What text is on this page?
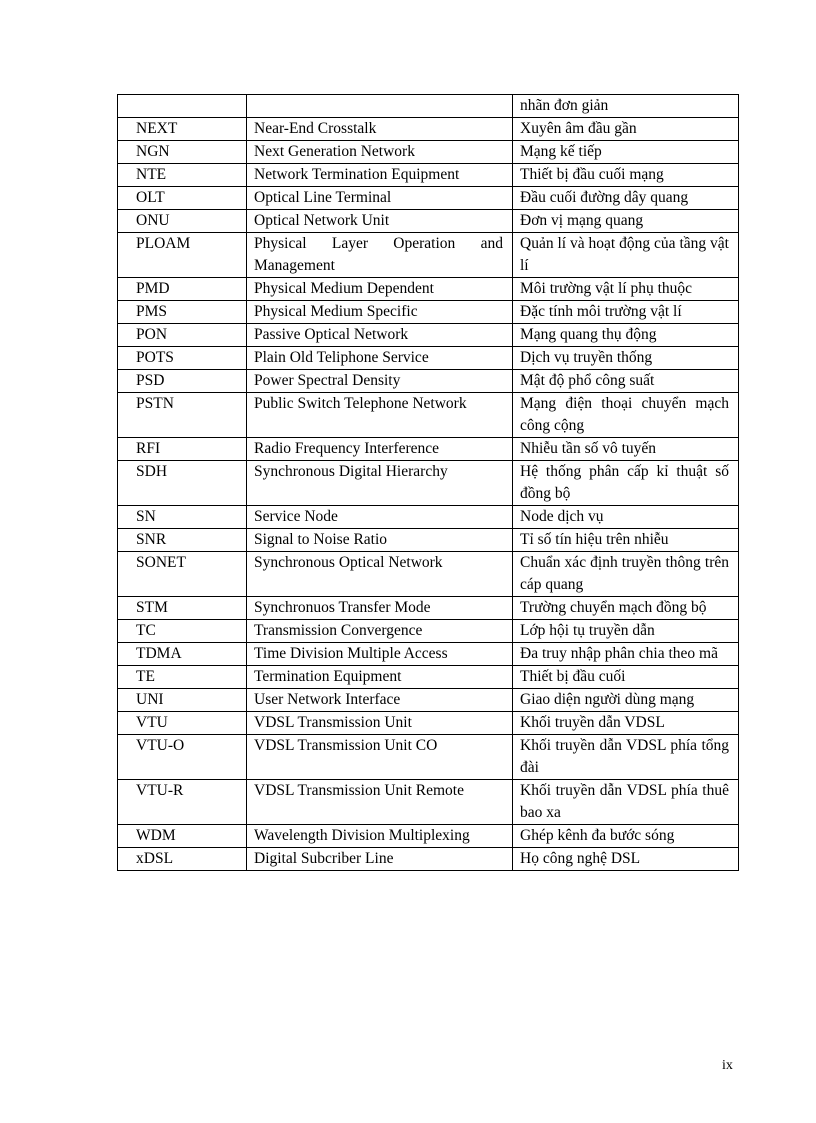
		nhãn đơn giản
NEXT	Near-End Crosstalk	Xuyên âm đầu gần
NGN	Next Generation Network	Mạng kế tiếp
NTE	Network Termination Equipment	Thiết bị đầu cuối mạng
OLT	Optical Line Terminal	Đầu cuối đường dây quang
ONU	Optical Network Unit	Đơn vị mạng quang
PLOAM	Physical Layer Operation and Management	Quản lí và hoạt động của tầng vật lí
PMD	Physical Medium Dependent	Môi trường vật lí phụ thuộc
PMS	Physical Medium Specific	Đặc tính môi trường vật lí
PON	Passive Optical Network	Mạng quang thụ động
POTS	Plain Old Teliphone Service	Dịch vụ truyền thống
PSD	Power Spectral Density	Mật độ phổ công suất
PSTN	Public Switch Telephone Network	Mạng điện thoại chuyển mạch công cộng
RFI	Radio Frequency Interference	Nhiễu tần số vô tuyến
SDH	Synchronous Digital Hierarchy	Hệ thống phân cấp kỉ thuật số đồng bộ
SN	Service Node	Node dịch vụ
SNR	Signal to Noise Ratio	Tỉ số tín hiệu trên nhiễu
SONET	Synchronous Optical Network	Chuẩn xác định truyền thông trên cáp quang
STM	Synchronuos Transfer Mode	Trường chuyển mạch đồng bộ
TC	Transmission Convergence	Lớp hội tụ truyền dẫn
TDMA	Time Division Multiple Access	Đa truy nhập phân chia theo mã
TE	Termination Equipment	Thiết bị đầu cuối
UNI	User Network Interface	Giao diện người dùng mạng
VTU	VDSL Transmission Unit	Khối truyền dẫn VDSL
VTU-O	VDSL Transmission Unit CO	Khối truyền dẫn VDSL phía tổng đài
VTU-R	VDSL Transmission Unit Remote	Khối truyền dẫn VDSL phía thuê bao xa
WDM	Wavelength Division Multiplexing	Ghép kênh đa bước sóng
xDSL	Digital Subcriber Line	Họ công nghệ DSL
ix
